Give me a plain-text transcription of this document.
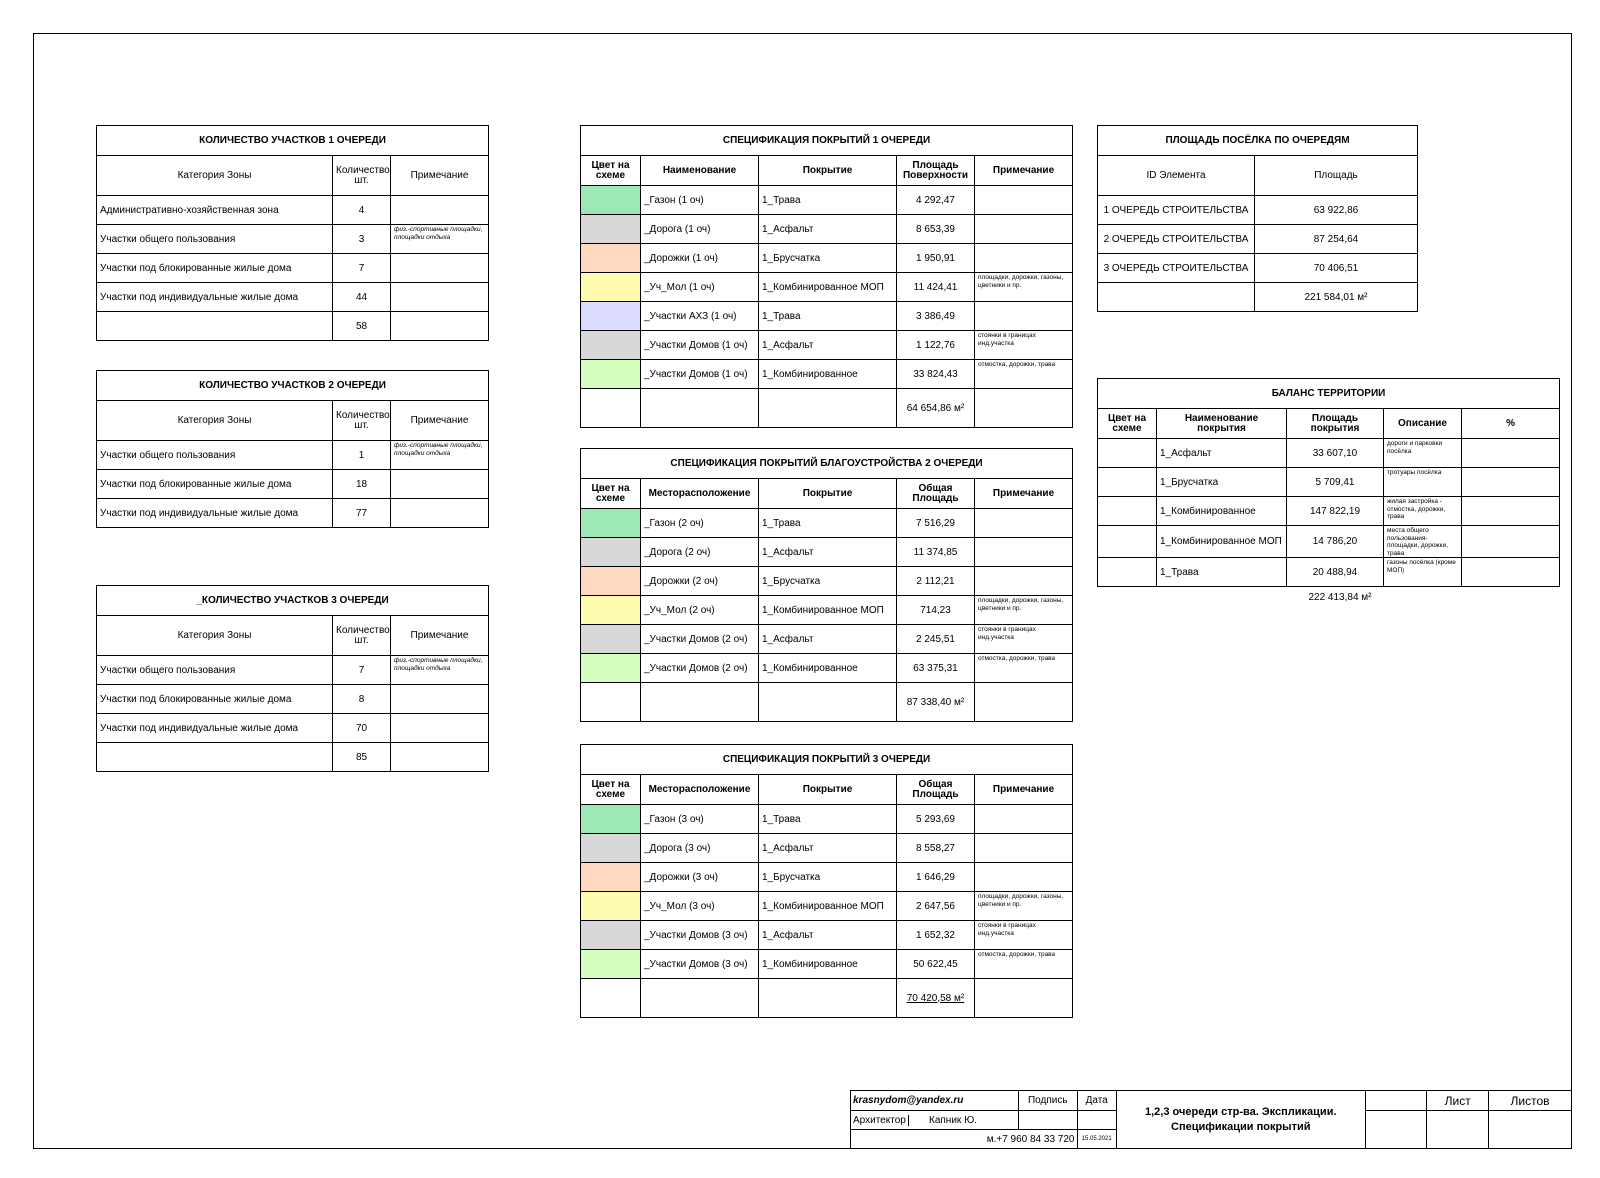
КОЛИЧЕСТВО УЧАСТКОВ 1 ОЧЕРЕДИ		
Категория Зоны	Количество шт.	Примечание
Административно-хозяйственная зона	4	
Участки общего пользования	3	физ.-спортивные площадки, площадки отдыха
Участки под блокированные жилые дома	7	
Участки под индивидуальные жилые дома	44	
	58	
КОЛИЧЕСТВО УЧАСТКОВ 2 ОЧЕРЕДИ		
Категория Зоны	Количество шт.	Примечание
Участки общего пользования	1	физ.-спортивные площадки, площадки отдыха
Участки под блокированные жилые дома	18	
Участки под индивидуальные жилые дома	77	
_КОЛИЧЕСТВО УЧАСТКОВ 3 ОЧЕРЕДИ		
Категория Зоны	Количество шт.	Примечание
Участки общего пользования	7	физ.-спортивные площадки, площадки отдыха
Участки под блокированные жилые дома	8	
Участки под индивидуальные жилые дома	70	
	85	
СПЕЦИФИКАЦИЯ ПОКРЫТИЙ 1 ОЧЕРЕДИ				
Цвет на схеме	Наименование	Покрытие	Площадь Поверхности	Примечание
	_Газон (1 оч)	1_Трава	4 292,47	
	_Дорога (1 оч)	1_Асфальт	8 653,39	
	_Дорожки (1 оч)	1_Брусчатка	1 950,91	
	_Уч_Мол (1 оч)	1_Комбинированное МОП	11 424,41	площадки, дорожки, газоны, цветники и пр.
	_Участки АХЗ (1 оч)	1_Трава	3 386,49	
	_Участки Домов (1 оч)	1_Асфальт	1 122,76	стоянки в границах инд.участка
	_Участки Домов (1 оч)	1_Комбинированное	33 824,43	отмостка, дорожки, трава
			64 654,86 м²	
СПЕЦИФИКАЦИЯ ПОКРЫТИЙ БЛАГОУСТРОЙСТВА 2 ОЧЕРЕДИ				
Цвет на схеме	Месторасположение	Покрытие	Общая Площадь	Примечание
	_Газон (2 оч)	1_Трава	7 516,29	
	_Дорога (2 оч)	1_Асфальт	11 374,85	
	_Дорожки (2 оч)	1_Брусчатка	2 112,21	
	_Уч_Мол (2 оч)	1_Комбинированное МОП	714,23	площадки, дорожки, газоны, цветники и пр.
	_Участки Домов (2 оч)	1_Асфальт	2 245,51	стоянки в границах инд.участка
	_Участки Домов (2 оч)	1_Комбинированное	63 375,31	отмостка, дорожки, трава
			87 338,40 м²	
СПЕЦИФИКАЦИЯ ПОКРЫТИЙ 3 ОЧЕРЕДИ				
Цвет на схеме	Месторасположение	Покрытие	Общая Площадь	Примечание
	_Газон (3 оч)	1_Трава	5 293,69	
	_Дорога (3 оч)	1_Асфальт	8 558,27	
	_Дорожки (3 оч)	1_Брусчатка	1 646,29	
	_Уч_Мол (3 оч)	1_Комбинированное МОП	2 647,56	площадки, дорожки, газоны, цветники и пр.
	_Участки Домов (3 оч)	1_Асфальт	1 652,32	стоянки в границах инд.участка
	_Участки Домов (3 оч)	1_Комбинированное	50 622,45	отмостка, дорожки, трава
			70 420,58 м²	
ПЛОЩАДЬ ПОСЁЛКА ПО ОЧЕРЕДЯМ	
ID Элемента	Площадь
1 ОЧЕРЕДЬ СТРОИТЕЛЬСТВА	63 922,86
2 ОЧЕРЕДЬ СТРОИТЕЛЬСТВА	87 254,64
3 ОЧЕРЕДЬ СТРОИТЕЛЬСТВА	70 406,51
	221 584,01 м²
БАЛАНС ТЕРРИТОРИИ				
Цвет на схеме	Наименование покрытия	Площадь покрытия	Описание	%
	1_Асфальт	33 607,10	дороги и парковки посёлка	
	1_Брусчатка	5 709,41	тротуары посёлка	
	1_Комбинированное	147 822,19	жилая застройка - отмостка, дорожки, трава	
	1_Комбинированное МОП	14 786,20	места общего пользования-площадки, дорожки, трава	
	1_Трава	20 488,94	газоны посёлка (кроме МОП)	
222 413,84 м²
krasnydom@yandex.ru	Подпись	Дата	1,2,3 очереди стр-ва. Экспликации. Спецификации покрытий		Лист	Листов
Архитектор Капник Ю.						
м.+7 960 84 33 720		15.05.2021				
